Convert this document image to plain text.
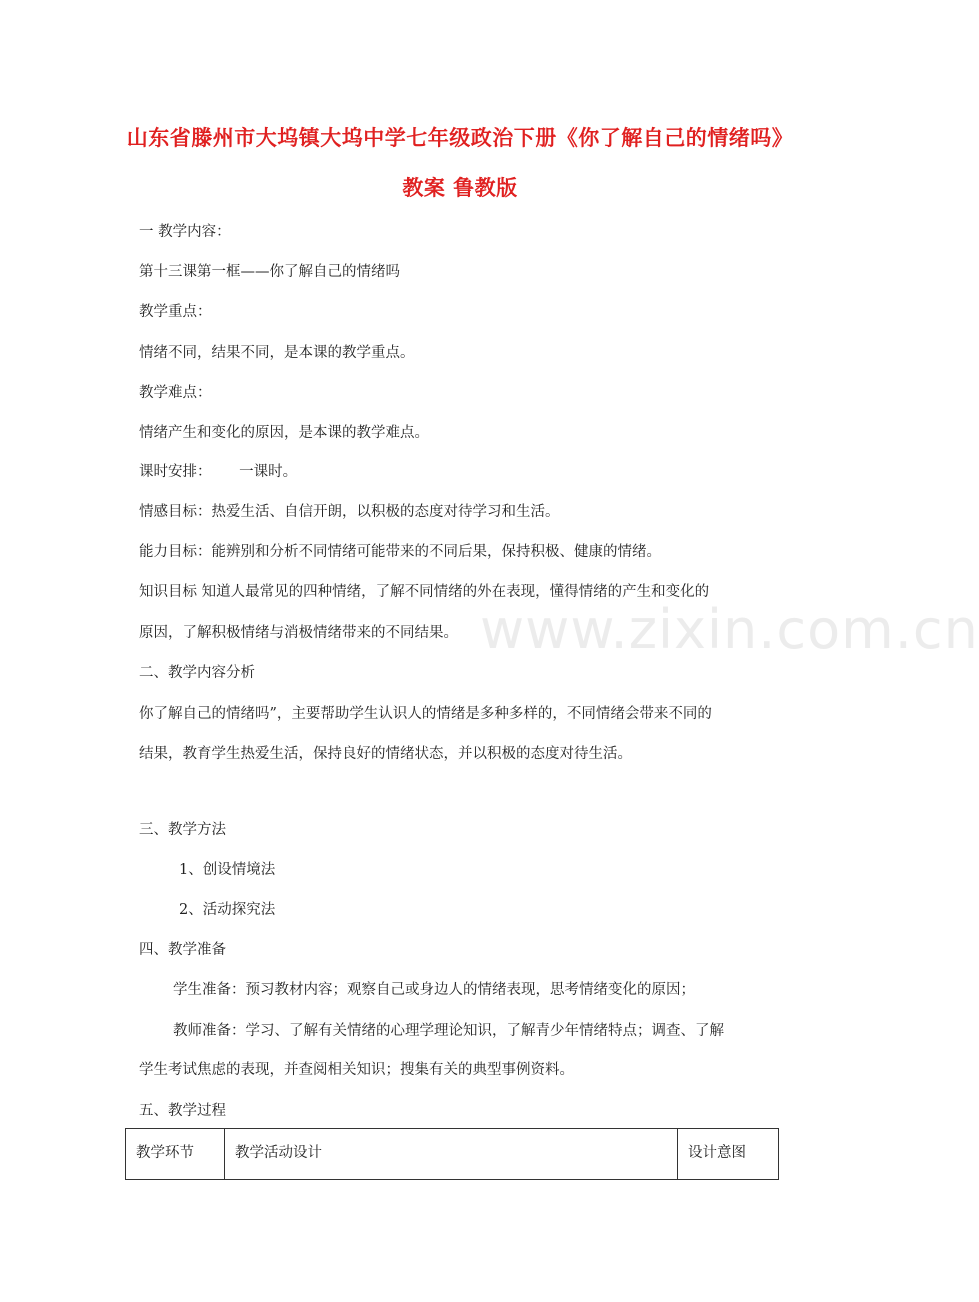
山东省滕州市大坞镇大坞中学七年级政治下册《你了解自己的情绪吗》
教案 鲁教版
www.zixin.com.cn
一 教学内容：
第十三课第一框——你了解自己的情绪吗
教学重点：
情绪不同，结果不同，是本课的教学重点。
教学难点：
情绪产生和变化的原因，是本课的教学难点。
课时安排：      一课时。
情感目标：热爱生活、自信开朗，以积极的态度对待学习和生活。
能力目标：能辨别和分析不同情绪可能带来的不同后果，保持积极、健康的情绪。
知识目标 知道人最常见的四种情绪，了解不同情绪的外在表现，懂得情绪的产生和变化的
原因，了解积极情绪与消极情绪带来的不同结果。
二、教学内容分析
你了解自己的情绪吗”，主要帮助学生认识人的情绪是多种多样的，不同情绪会带来不同的
结果，教育学生热爱生活，保持良好的情绪状态，并以积极的态度对待生活。
三、教学方法
1、创设情境法
2、活动探究法
四、教学准备
学生准备：预习教材内容；观察自己或身边人的情绪表现，思考情绪变化的原因；
教师准备：学习、了解有关情绪的心理学理论知识，了解青少年情绪特点；调查、了解
学生考试焦虑的表现，并查阅相关知识；搜集有关的典型事例资料。
五、教学过程
教学环节	教学活动设计	设计意图
